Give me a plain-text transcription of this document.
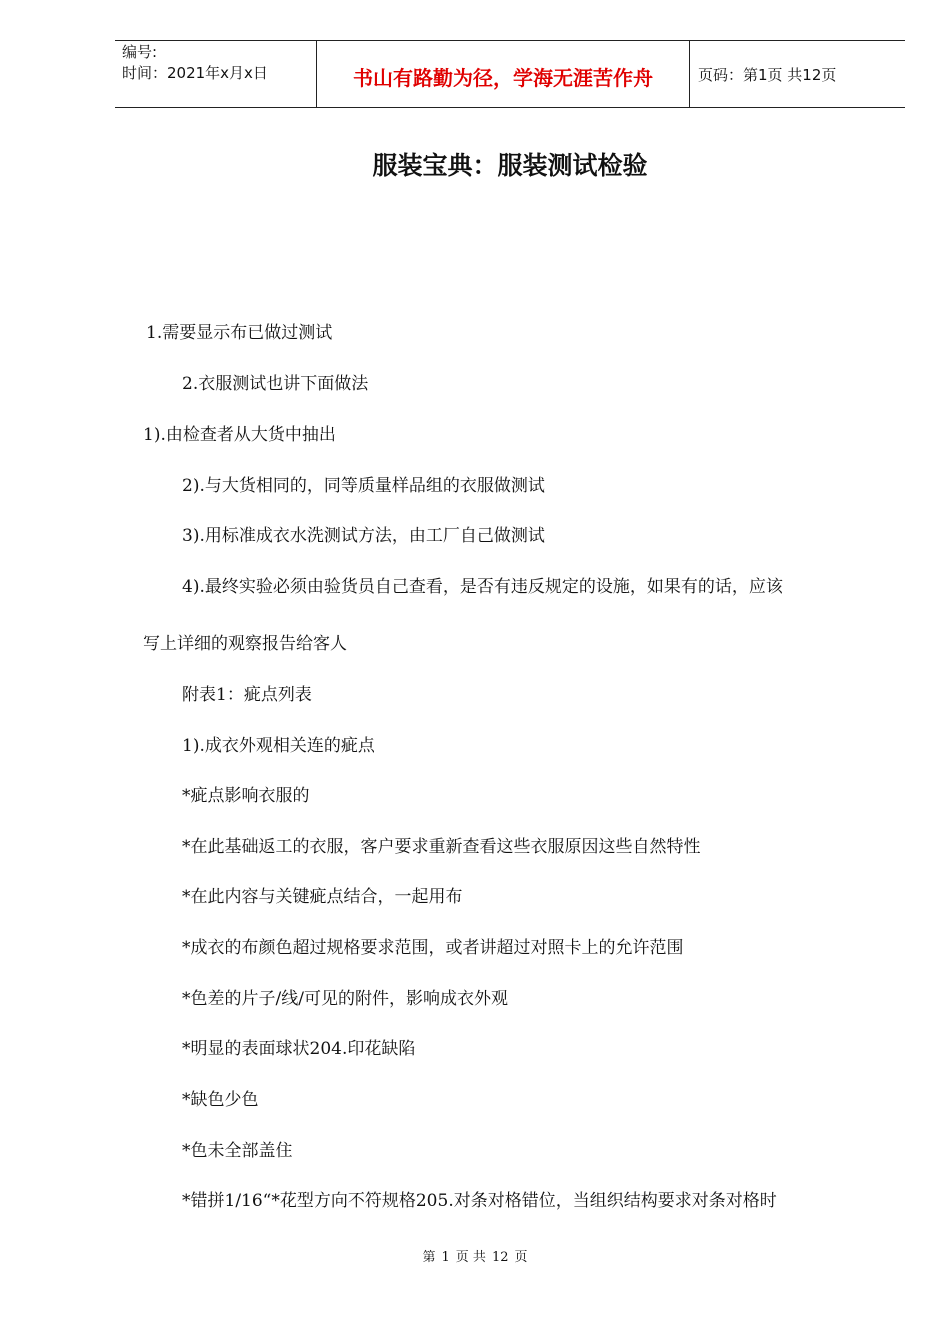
编号:
时间：2021年x月x日	书山有路勤为径，学海无涯苦作舟	页码：第1页 共12页
服装宝典：服装测试检验
1.需要显示布已做过测试
2.衣服测试也讲下面做法
1).由检查者从大货中抽出
2).与大货相同的，同等质量样品组的衣服做测试
3).用标准成衣水洗测试方法，由工厂自己做测试
4).最终实验必须由验货员自己查看，是否有违反规定的设施，如果有的话，应该
写上详细的观察报告给客人
附表1：疵点列表
1).成衣外观相关连的疵点
*疵点影响衣服的
*在此基础返工的衣服，客户要求重新查看这些衣服原因这些自然特性
*在此内容与关键疵点结合，一起用布
*成衣的布颜色超过规格要求范围，或者讲超过对照卡上的允许范围
*色差的片子/线/可见的附件，影响成衣外观
*明显的表面球状204.印花缺陷
*缺色少色
*色未全部盖住
*错拼1/16“*花型方向不符规格205.对条对格错位，当组织结构要求对条对格时
第 1 页 共 12 页
